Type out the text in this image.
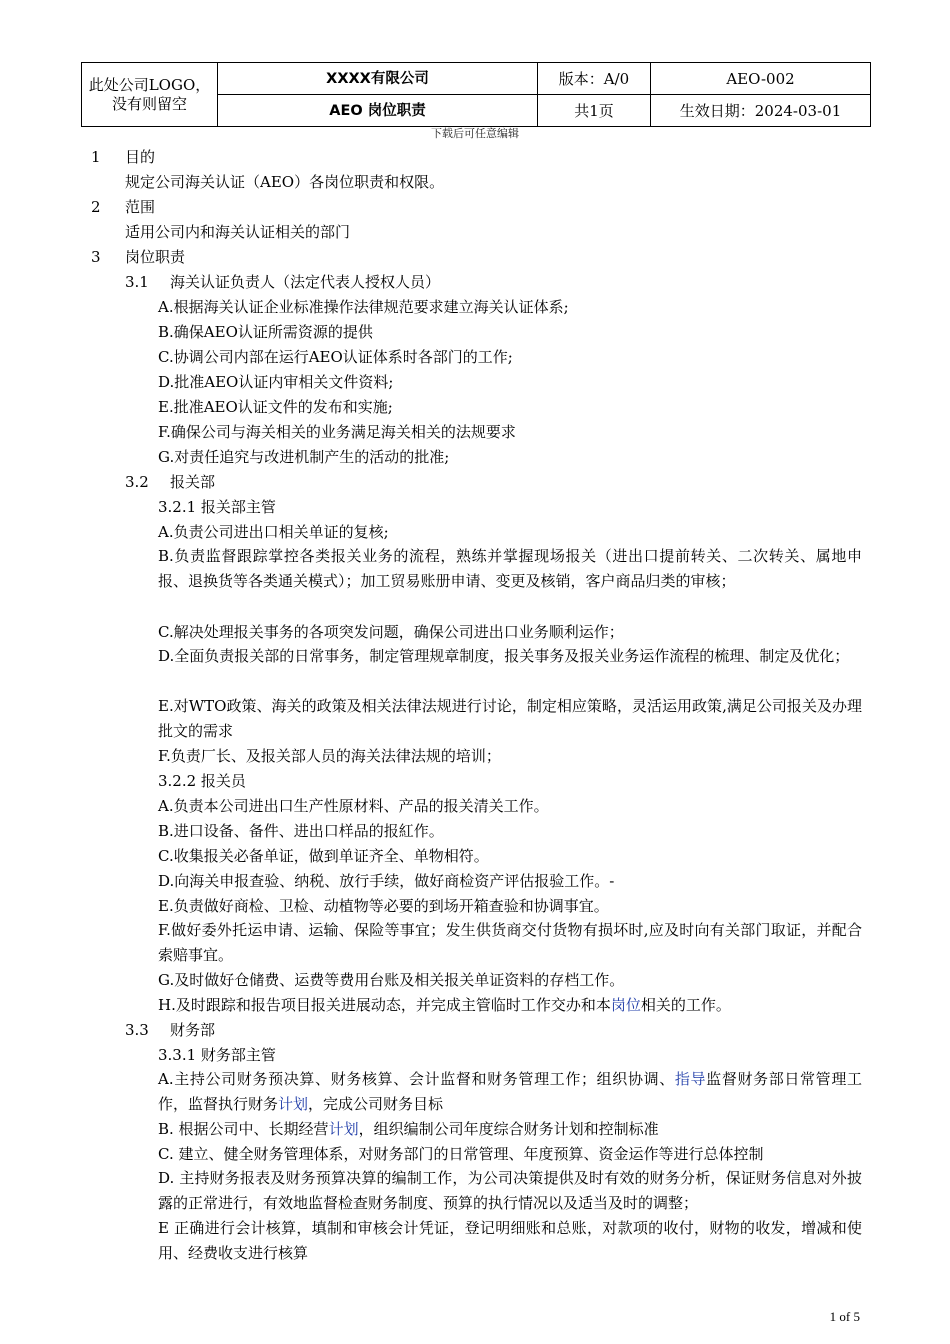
此处公司LOGO，
没有则留空	XXXX有限公司	版本：A/0	AEO-002
	AEO 岗位职责	共1页	生效日期：2024-03-01
下载后可任意编辑
1 目的
规定公司海关认证（AEO）各岗位职责和权限。
2 范围
适用公司内和海关认证相关的部门
3 岗位职责
3.1 海关认证负责人（法定代表人授权人员）
A.根据海关认证企业标准操作法律规范要求建立海关认证体系;
B.确保AEO认证所需资源的提供
C.协调公司内部在运行AEO认证体系时各部门的工作;
D.批准AEO认证内审相关文件资料;
E.批准AEO认证文件的发布和实施;
F.确保公司与海关相关的业务满足海关相关的法规要求
G.对责任追究与改进机制产生的活动的批准;
3.2 报关部
3.2.1 报关部主管
A.负责公司进出口相关单证的复核;
B.负责监督跟踪掌控各类报关业务的流程，熟练并掌握现场报关（进出口提前转关、二次转关、属地申报、退换货等各类通关模式）；加工贸易账册申请、变更及核销，客户商品归类的审核；
C.解决处理报关事务的各项突发问题，确保公司进出口业务顺利运作；
D.全面负责报关部的日常事务，制定管理规章制度，报关事务及报关业务运作流程的梳理、制定及优化；
E.对WTO政策、海关的政策及相关法律法规进行讨论，制定相应策略，灵活运用政策,满足公司报关及办理批文的需求
F.负责厂长、及报关部人员的海关法律法规的培训；
3.2.2 报关员
A.负责本公司进出口生产性原材料、产品的报关清关工作。
B.进口设备、备件、进出口样品的报紅作。
C.收集报关必备单证，做到单证齐全、单物相符。
D.向海关申报查验、纳税、放行手续，做好商检资产评估报验工作。-
E.负责做好商检、卫检、动植物等必要的到场开箱查验和协调事宜。
F.做好委外托运申请、运输、保险等事宜；发生供货商交付货物有损坏时,应及时向有关部门取证，并配合索赔事宜。
G.及时做好仓储费、运费等费用台账及相关报关单证资料的存档工作。
H.及时跟踪和报告项目报关进展动态，并完成主管临时工作交办和本岗位相关的工作。
3.3 财务部
3.3.1 财务部主管
A.主持公司财务预决算、财务核算、会计监督和财务管理工作；组织协调、指导监督财务部日常管理工作，监督执行财务计划，完成公司财务目标
B. 根据公司中、长期经营计划，组织编制公司年度综合财务计划和控制标准
C. 建立、健全财务管理体系，对财务部门的日常管理、年度预算、资金运作等进行总体控制
D. 主持财务报表及财务预算决算的编制工作，为公司决策提供及时有效的财务分析，保证财务信息对外披露的正常进行，有效地监督检查财务制度、预算的执行情况以及适当及时的调整；
E 正确进行会计核算，填制和审核会计凭证，登记明细账和总账，对款项的收付，财物的收发，增减和使用、经费收支进行核算
1 of 5
